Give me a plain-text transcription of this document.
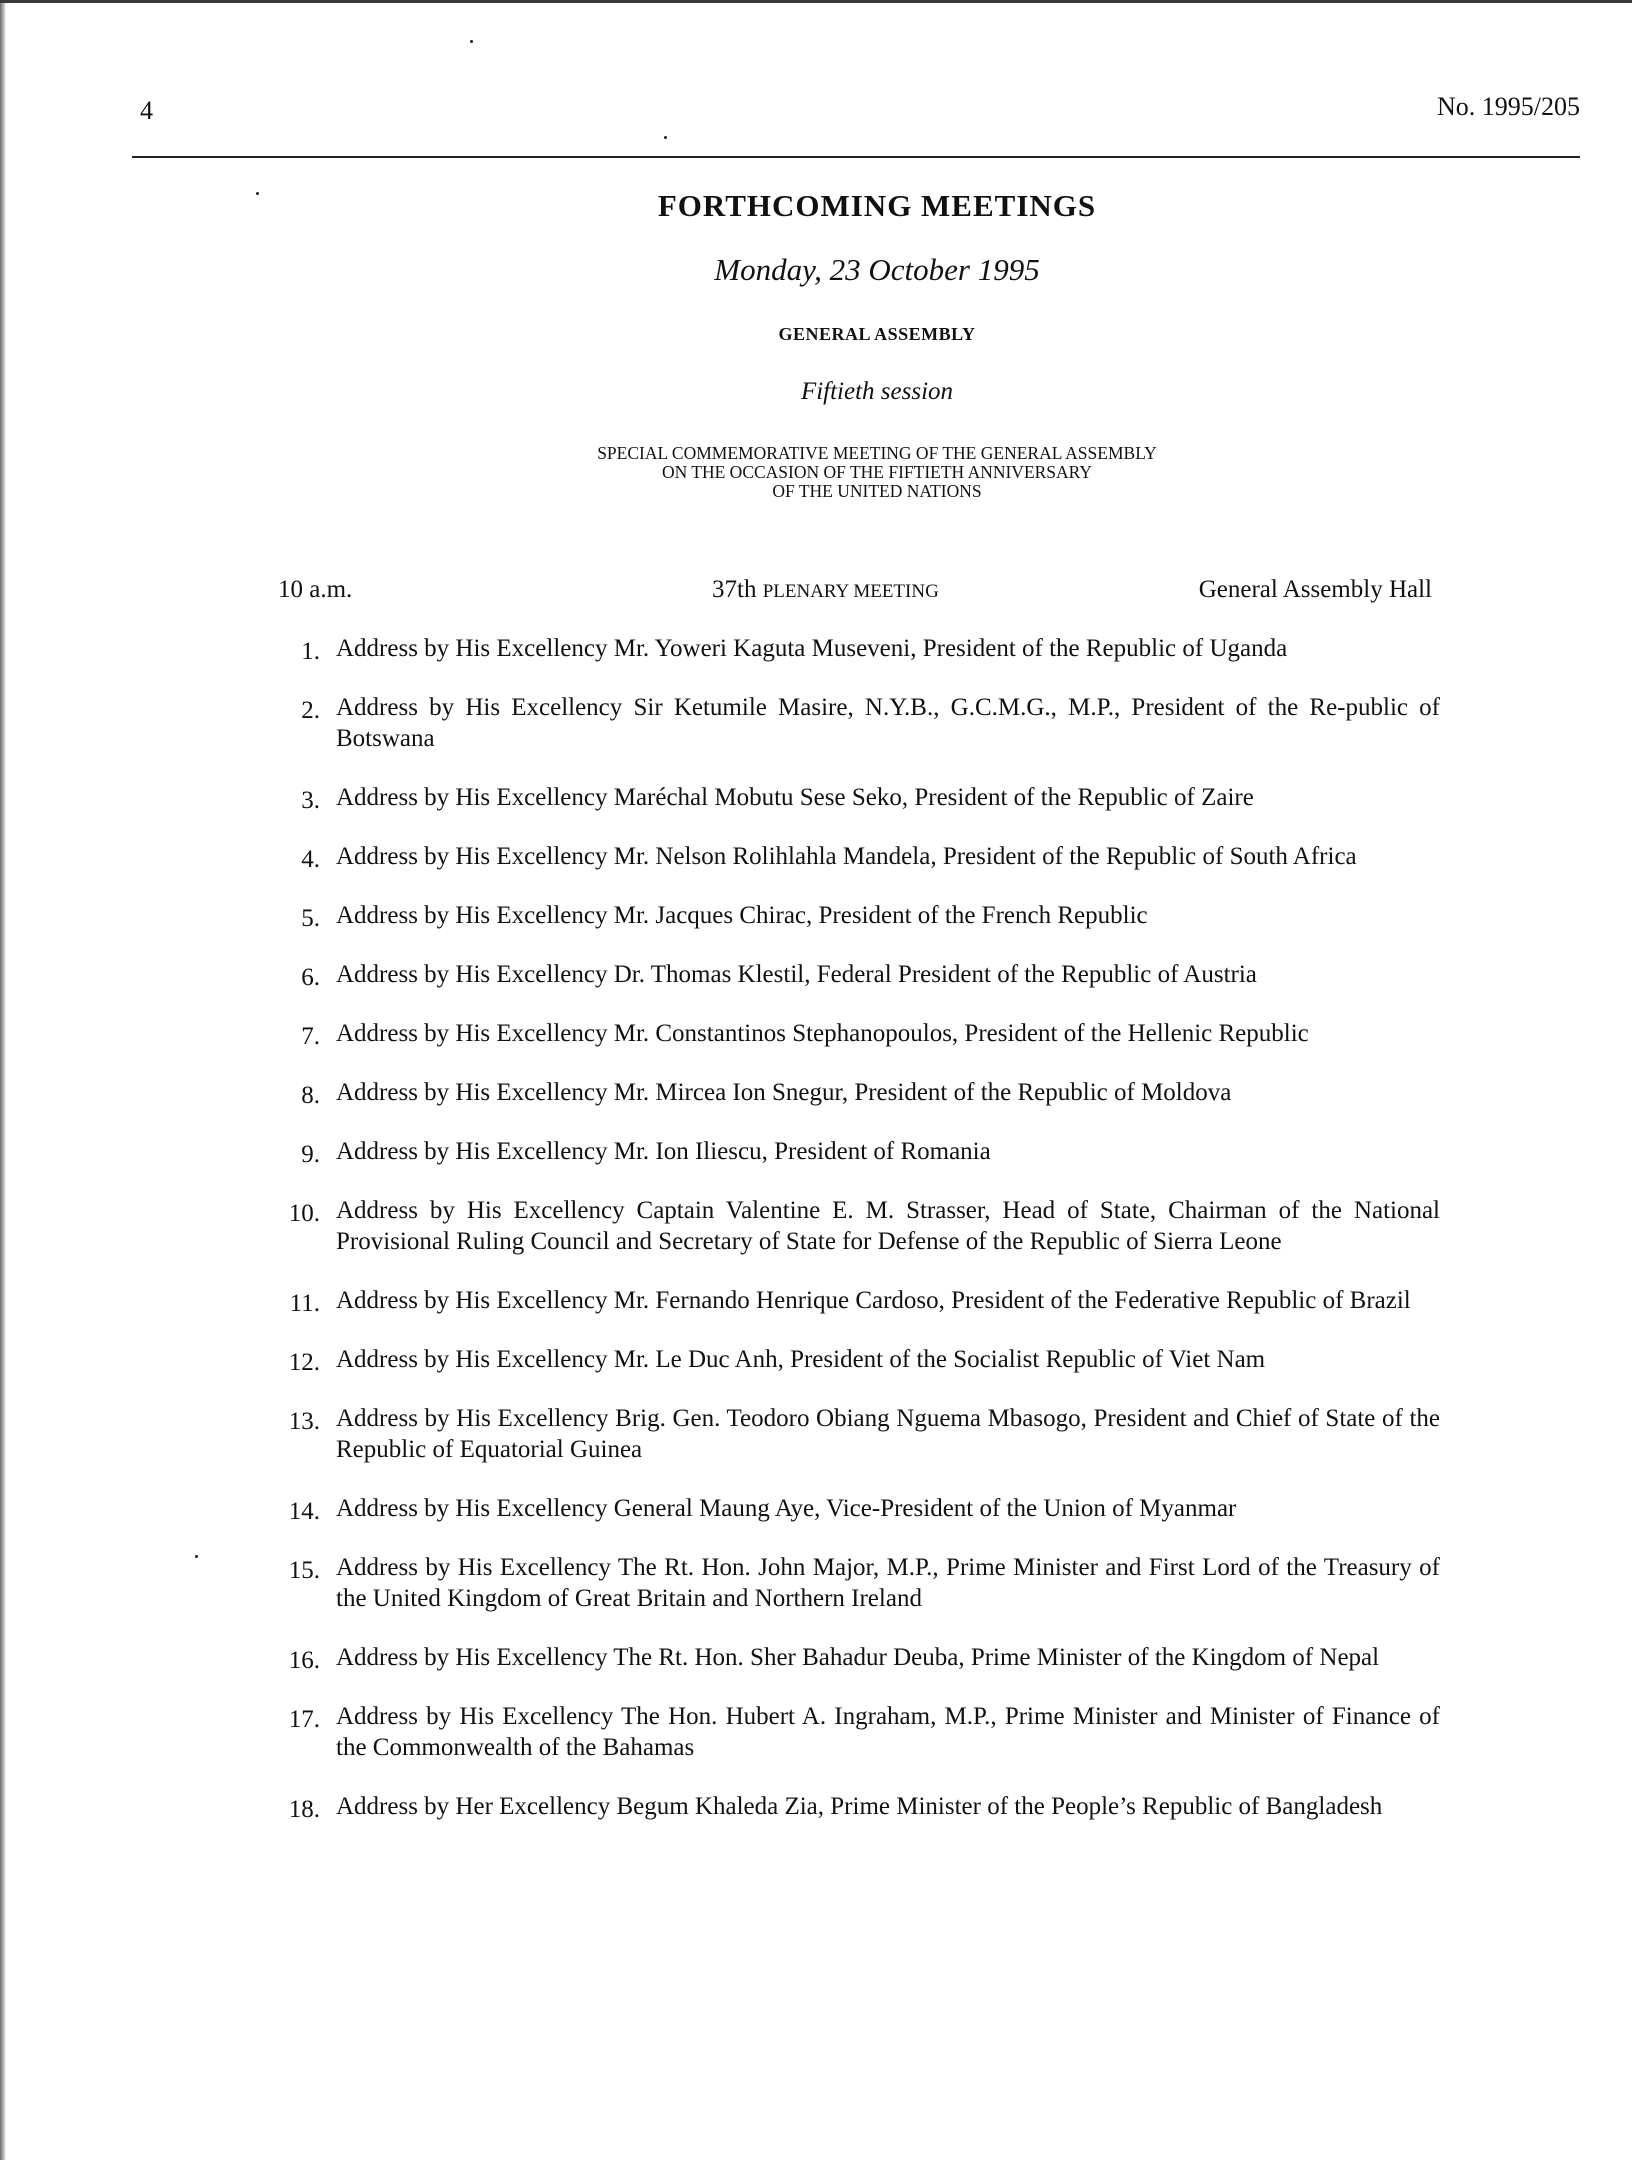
4	No. 1995/205
FORTHCOMING MEETINGS
Monday, 23 October 1995
GENERAL ASSEMBLY
Fiftieth session
SPECIAL COMMEMORATIVE MEETING OF THE GENERAL ASSEMBLY
ON THE OCCASION OF THE FIFTIETH ANNIVERSARY
OF THE UNITED NATIONS
10 a.m.	37th PLENARY MEETING	General Assembly Hall
1. Address by His Excellency Mr. Yoweri Kaguta Museveni, President of the Republic of Uganda
2. Address by His Excellency Sir Ketumile Masire, N.Y.B., G.C.M.G., M.P., President of the Re-public of Botswana
3. Address by His Excellency Maréchal Mobutu Sese Seko, President of the Republic of Zaire
4. Address by His Excellency Mr. Nelson Rolihlahla Mandela, President of the Republic of South Africa
5. Address by His Excellency Mr. Jacques Chirac, President of the French Republic
6. Address by His Excellency Dr. Thomas Klestil, Federal President of the Republic of Austria
7. Address by His Excellency Mr. Constantinos Stephanopoulos, President of the Hellenic Republic
8. Address by His Excellency Mr. Mircea Ion Snegur, President of the Republic of Moldova
9. Address by His Excellency Mr. Ion Iliescu, President of Romania
10. Address by His Excellency Captain Valentine E. M. Strasser, Head of State, Chairman of the National Provisional Ruling Council and Secretary of State for Defense of the Republic of Sierra Leone
11. Address by His Excellency Mr. Fernando Henrique Cardoso, President of the Federative Republic of Brazil
12. Address by His Excellency Mr. Le Duc Anh, President of the Socialist Republic of Viet Nam
13. Address by His Excellency Brig. Gen. Teodoro Obiang Nguema Mbasogo, President and Chief of State of the Republic of Equatorial Guinea
14. Address by His Excellency General Maung Aye, Vice-President of the Union of Myanmar
15. Address by His Excellency The Rt. Hon. John Major, M.P., Prime Minister and First Lord of the Treasury of the United Kingdom of Great Britain and Northern Ireland
16. Address by His Excellency The Rt. Hon. Sher Bahadur Deuba, Prime Minister of the Kingdom of Nepal
17. Address by His Excellency The Hon. Hubert A. Ingraham, M.P., Prime Minister and Minister of Finance of the Commonwealth of the Bahamas
18. Address by Her Excellency Begum Khaleda Zia, Prime Minister of the People’s Republic of Bangladesh
